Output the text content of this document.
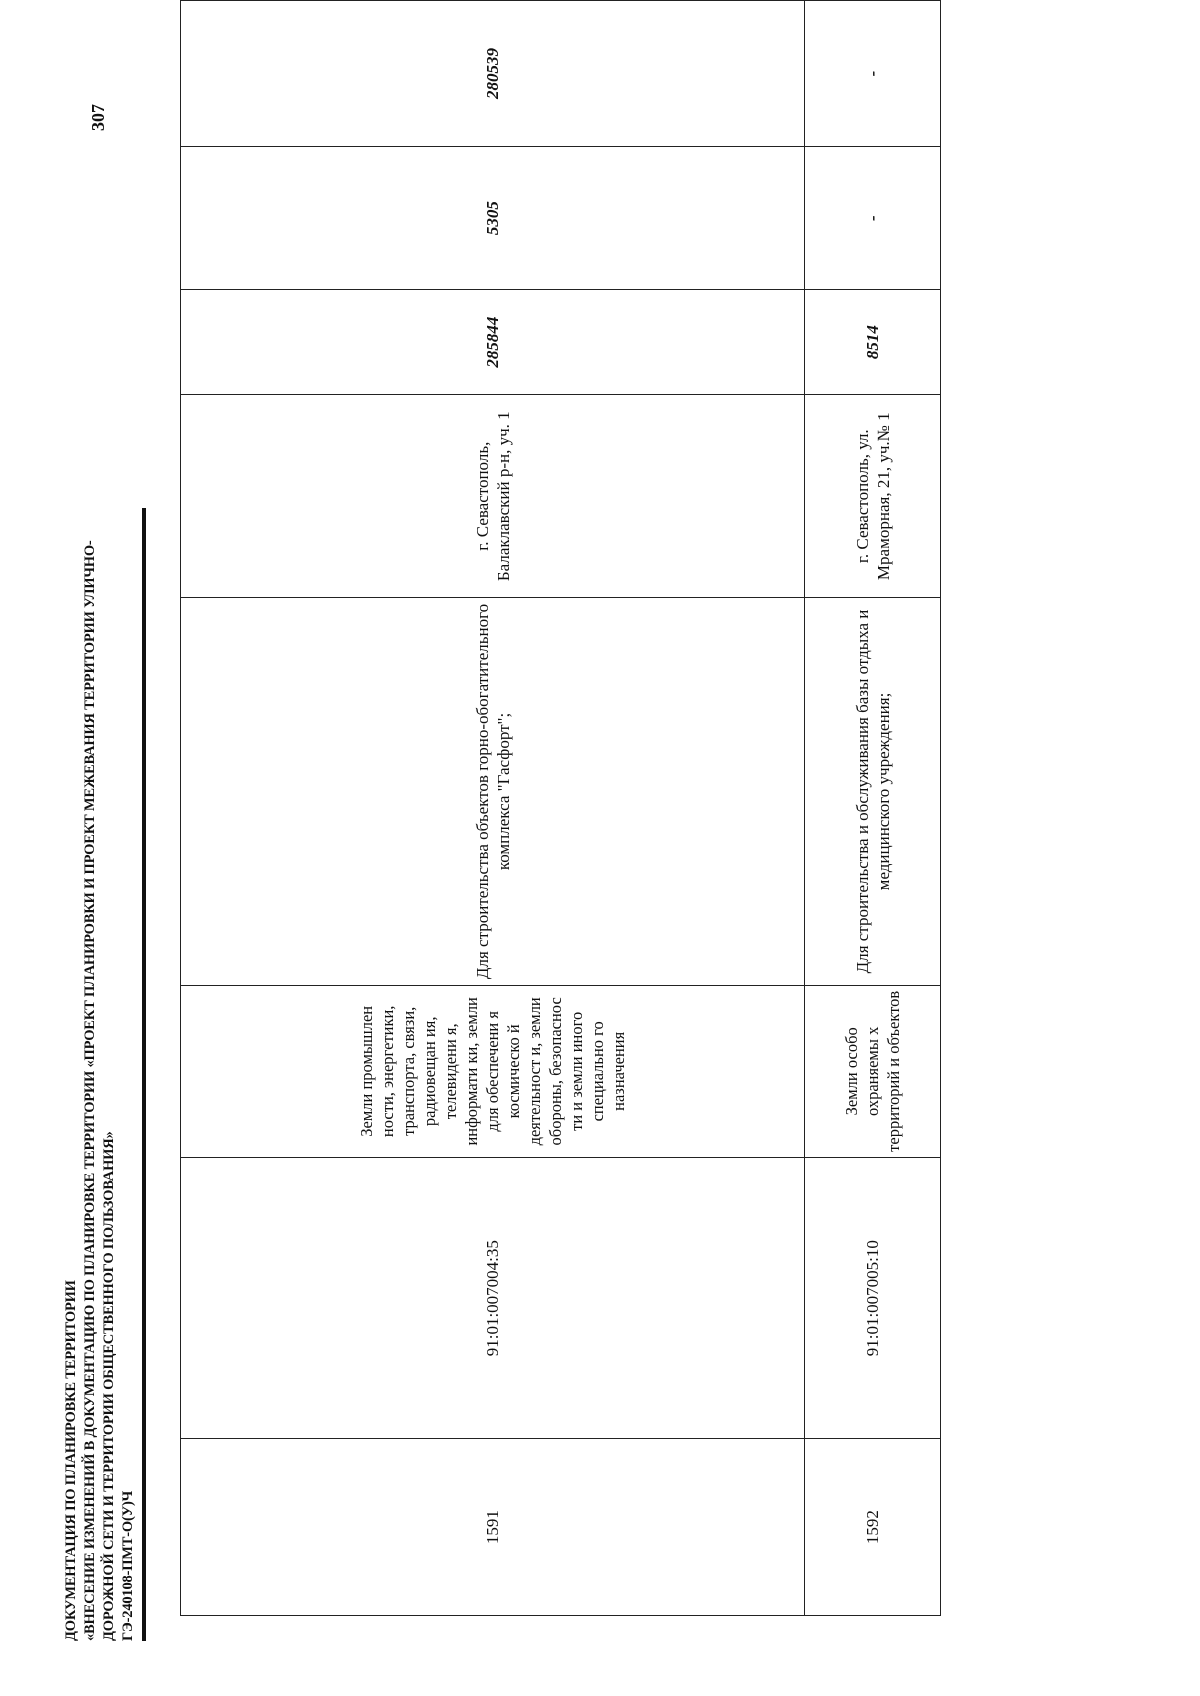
ДОКУМЕНТАЦИЯ ПО ПЛАНИРОВКЕ ТЕРРИТОРИИ «ВНЕСЕНИЕ ИЗМЕНЕНИЙ В ДОКУМЕНТАЦИЮ ПО ПЛАНИРОВКЕ ТЕРРИТОРИИ «ПРОЕКТ ПЛАНИРОВКИ И ПРОЕКТ МЕЖЕВАНИЯ ТЕРРИТОРИИ УЛИЧНО- ДОРОЖНОЙ СЕТИ И ТЕРРИТОРИИ ОБЩЕСТВЕННОГО ПОЛЬЗОВАНИЯ» ГЭ-240108-ПМТ-О(У)Ч
307
1591	91:01:007004:35	Земли промышлен ности, энергетики, транспорта, связи, радиовещан ия, телевидени я, информати ки, земли для обеспечени я космическо й деятельност и, земли обороны, безопаснос ти и земли иного специально го назначения	Для строительства объектов горно-обогатительного комплекса "Гасфорт";	г. Севастополь, Балаклавский р-н, уч. 1	285844	5305	280539
1592	91:01:007005:10	Земли особо охраняемы х территорий и объектов	Для строительства и обслуживания базы отдыха и медицинского учреждения;	г. Севастополь, ул. Мраморная, 21, уч.№ 1	8514	-	-
